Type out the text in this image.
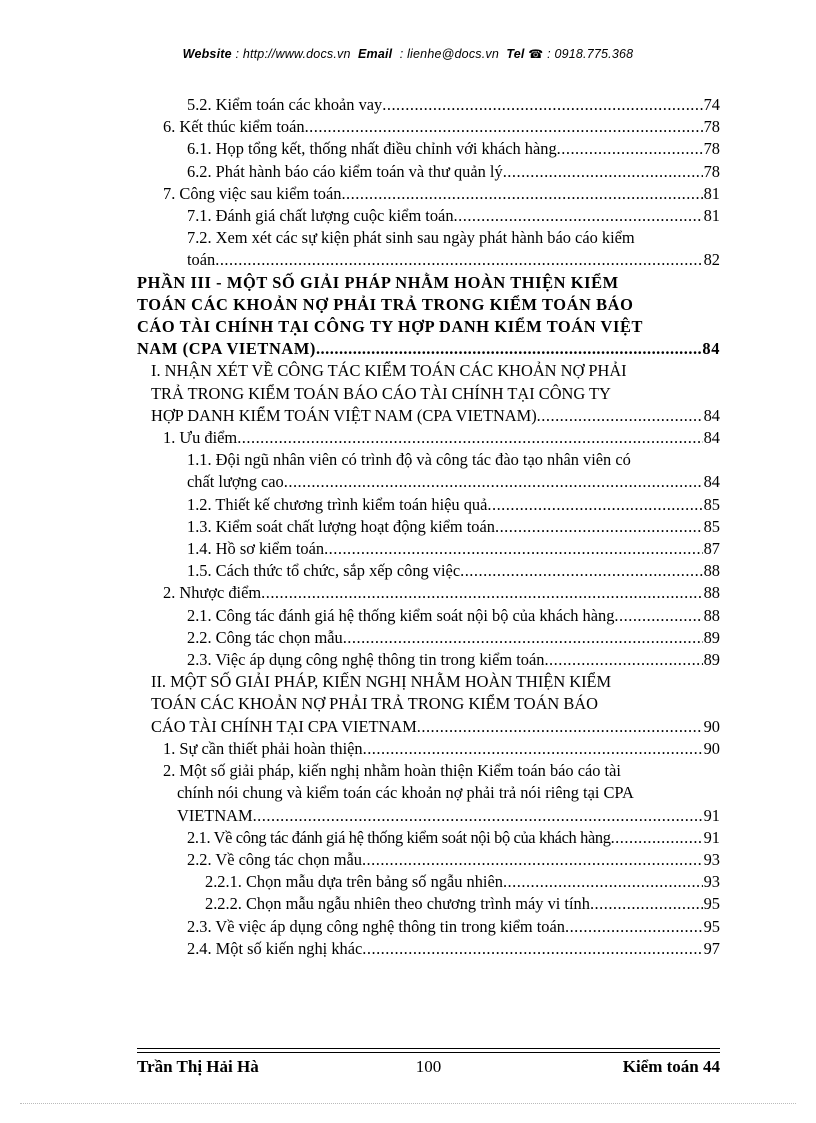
Website : http://www.docs.vn Email : lienhe@docs.vn Tel ☎ : 0918.775.368
5.2. Kiểm toán các khoản vay .....	74
6. Kết thúc kiểm toán .....	78
6.1. Họp tổng kết, thống nhất điều chỉnh với khách hàng .....	78
6.2. Phát hành báo cáo kiểm toán và thư quản lý .....	78
7. Công việc sau kiểm toán .....	81
7.1. Đánh giá chất lượng cuộc kiểm toán .....	81
7.2. Xem xét các sự kiện phát sinh sau ngày phát hành báo cáo kiểm
toán .....	82
PHẦN III - MỘT SỐ GIẢI PHÁP NHẰM HOÀN THIỆN KIỂM
TOÁN CÁC KHOẢN NỢ PHẢI TRẢ TRONG KIỂM TOÁN BÁO
CÁO TÀI CHÍNH TẠI CÔNG TY HỢP DANH KIỂM TOÁN VIỆT
NAM (CPA VIETNAM) .....	84
I. NHẬN XÉT VỀ CÔNG TÁC KIỂM TOÁN CÁC KHOẢN NỢ PHẢI
TRẢ TRONG KIỂM TOÁN BÁO CÁO TÀI CHÍNH TẠI CÔNG TY
HỢP DANH KIỂM TOÁN VIỆT NAM (CPA VIETNAM) .....	84
1. Ưu điểm .....	84
1.1. Đội ngũ nhân viên có trình độ và công tác đào tạo nhân viên có
chất lượng cao .....	84
1.2. Thiết kế chương trình kiểm toán hiệu quả .....	85
1.3. Kiểm soát chất lượng hoạt động kiểm toán .....	85
1.4. Hồ sơ kiểm toán .....	87
1.5. Cách thức tổ chức, sắp xếp công việc .....	88
2. Nhược điểm .....	88
2.1. Công tác đánh giá hệ thống kiểm soát nội bộ của khách hàng .....	88
2.2. Công tác chọn mẫu .....	89
2.3. Việc áp dụng công nghệ thông tin trong kiểm toán .....	89
II. MỘT SỐ GIẢI PHÁP, KIẾN NGHỊ NHẰM HOÀN THIỆN KIỂM
TOÁN CÁC KHOẢN NỢ PHẢI TRẢ TRONG KIỂM TOÁN BÁO
CÁO TÀI CHÍNH TẠI CPA VIETNAM .....	90
1. Sự cần thiết phải hoàn thiện .....	90
2. Một số giải pháp, kiến nghị nhằm hoàn thiện Kiểm toán báo cáo tài
chính nói chung và kiểm toán các khoản nợ phải trả nói riêng tại CPA
VIETNAM .....	91
2.1. Về công tác đánh giá hệ thống kiểm soát nội bộ của khách hàng .....	91
2.2. Về công tác chọn mẫu .....	93
2.2.1. Chọn mẫu dựa trên bảng số ngẫu nhiên .....	93
2.2.2. Chọn mẫu ngẫu nhiên theo chương trình máy vi tính .....	95
2.3. Về việc áp dụng công nghệ thông tin trong kiểm toán .....	95
2.4. Một số kiến nghị khác .....	97
100
Trần Thị Hải Hà	Kiểm toán 44
